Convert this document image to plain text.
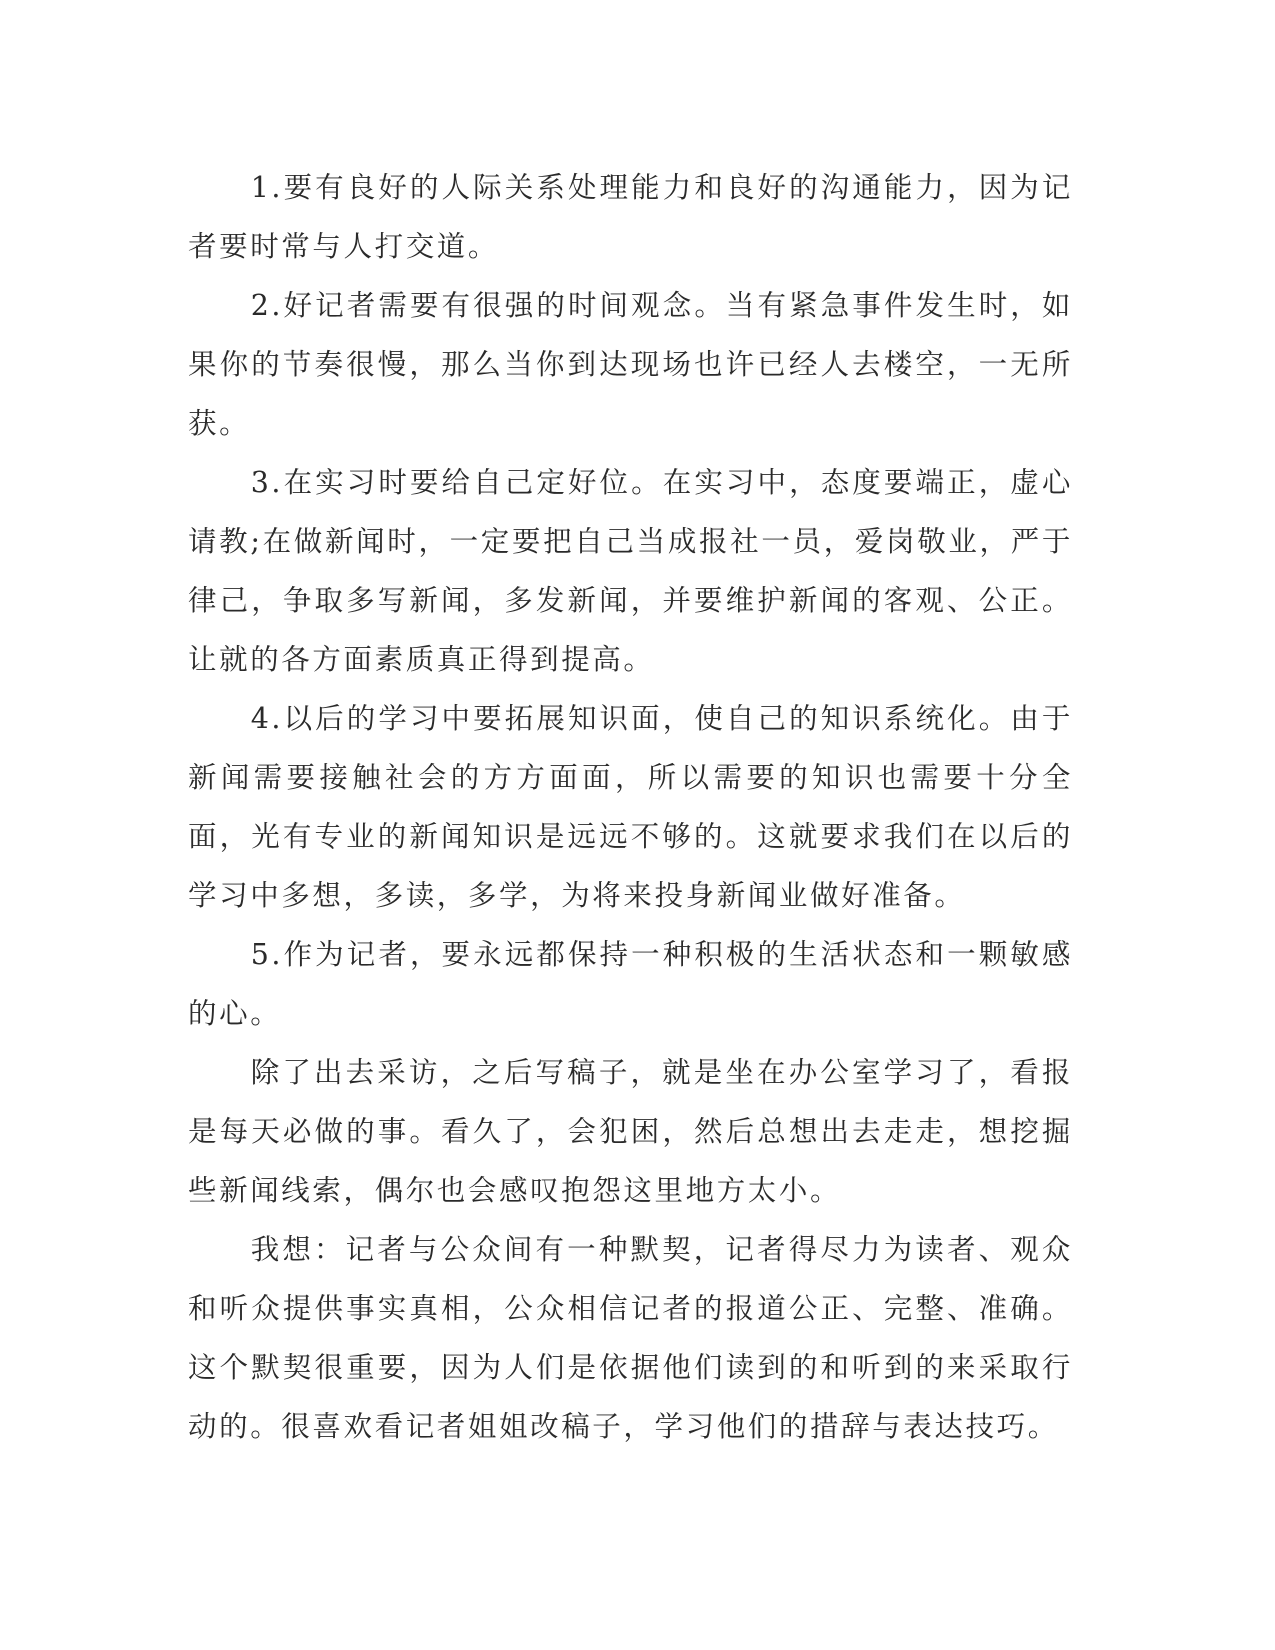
1.要有良好的人际关系处理能力和良好的沟通能力，因为记者要时常与人打交道。

2.好记者需要有很强的时间观念。当有紧急事件发生时，如果你的节奏很慢，那么当你到达现场也许已经人去楼空，一无所获。

3.在实习时要给自己定好位。在实习中，态度要端正，虚心请教;在做新闻时，一定要把自己当成报社一员，爱岗敬业，严于律己，争取多写新闻，多发新闻，并要维护新闻的客观、公正。让就的各方面素质真正得到提高。

4.以后的学习中要拓展知识面，使自己的知识系统化。由于新闻需要接触社会的方方面面，所以需要的知识也需要十分全面，光有专业的新闻知识是远远不够的。这就要求我们在以后的学习中多想，多读，多学，为将来投身新闻业做好准备。

5.作为记者，要永远都保持一种积极的生活状态和一颗敏感的心。

除了出去采访，之后写稿子，就是坐在办公室学习了，看报是每天必做的事。看久了，会犯困，然后总想出去走走，想挖掘些新闻线索，偶尔也会感叹抱怨这里地方太小。

我想：记者与公众间有一种默契，记者得尽力为读者、观众和听众提供事实真相，公众相信记者的报道公正、完整、准确。这个默契很重要，因为人们是依据他们读到的和听到的来采取行动的。很喜欢看记者姐姐改稿子，学习他们的措辞与表达技巧。
